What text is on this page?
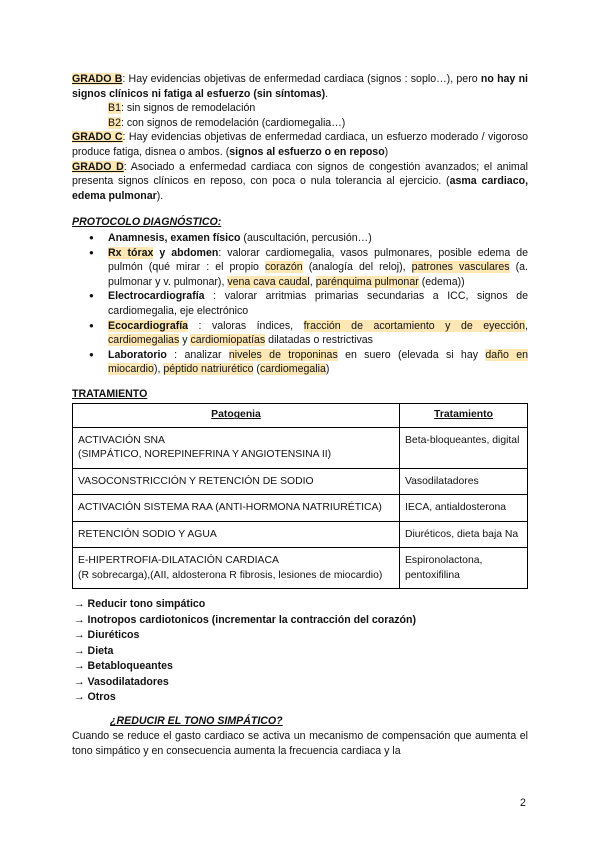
GRADO B: Hay evidencias objetivas de enfermedad cardiaca (signos : soplo…), pero no hay ni signos clínicos ni fatiga al esfuerzo (sin síntomas).

B1: sin signos de remodelación

B2: con signos de remodelación (cardiomegalia…)

GRADO C: Hay evidencias objetivas de enfermedad cardiaca, un esfuerzo moderado / vigoroso produce fatiga, disnea o ambos. (signos al esfuerzo o en reposo)

GRADO D: Asociado a enfermedad cardiaca con signos de congestión avanzados; el animal presenta signos clínicos en reposo, con poca o nula tolerancia al ejercicio. (asma cardiaco, edema pulmonar).

PROTOCOLO DIAGNÓSTICO:
● Anamnesis, examen físico (auscultación, percusión…)
● Rx tórax y abdomen: valorar cardiomegalia, vasos pulmonares, posible edema de pulmón (qué mirar : el propio corazón (analogía del reloj), patrones vasculares (a. pulmonar y v. pulmonar), vena cava caudal, parénquima pulmonar (edema))
● Electrocardiografía : valorar arritmias primarias secundarias a ICC, signos de cardiomegalia, eje electrónico
● Ecocardiografía : valoras índices, fracción de acortamiento y de eyección, cardiomegalias y cardiomiopatías dilatadas o restrictivas
● Laboratorio : analizar niveles de troponinas en suero (elevada si hay daño en miocardio), péptido natriurético (cardiomegalia)
TRATAMIENTO
Patogenia	Tratamiento

ACTIVACIÓN SNA
(SIMPÁTICO, NOREPINEFRINA Y ANGIOTENSINA II)	Beta-bloqueantes, digital

VASOCONSTRICCIÓN Y RETENCIÓN DE SODIO	Vasodilatadores

ACTIVACIÓN SISTEMA RAA (ANTI-HORMONA NATRIURÉTICA)	IECA, antialdosterona

RETENCIÓN SODIO Y AGUA	Diuréticos, dieta baja Na

E-HIPERTROFIA-DILATACIÓN CARDIACA
(R sobrecarga),(AII, aldosterona R fibrosis, lesiones de miocardio)	Espironolactona, pentoxifilina
→ Reducir tono simpático
→ Inotropos cardiotonicos (incrementar la contracción del corazón)
→ Diuréticos
→ Dieta
→ Betabloqueantes
→ Vasodilatadores
→ Otros
¿REDUCIR EL TONO SIMPÁTICO?

Cuando se reduce el gasto cardiaco se activa un mecanismo de compensación que aumenta el tono simpático y en consecuencia aumenta la frecuencia cardiaca y la

2
